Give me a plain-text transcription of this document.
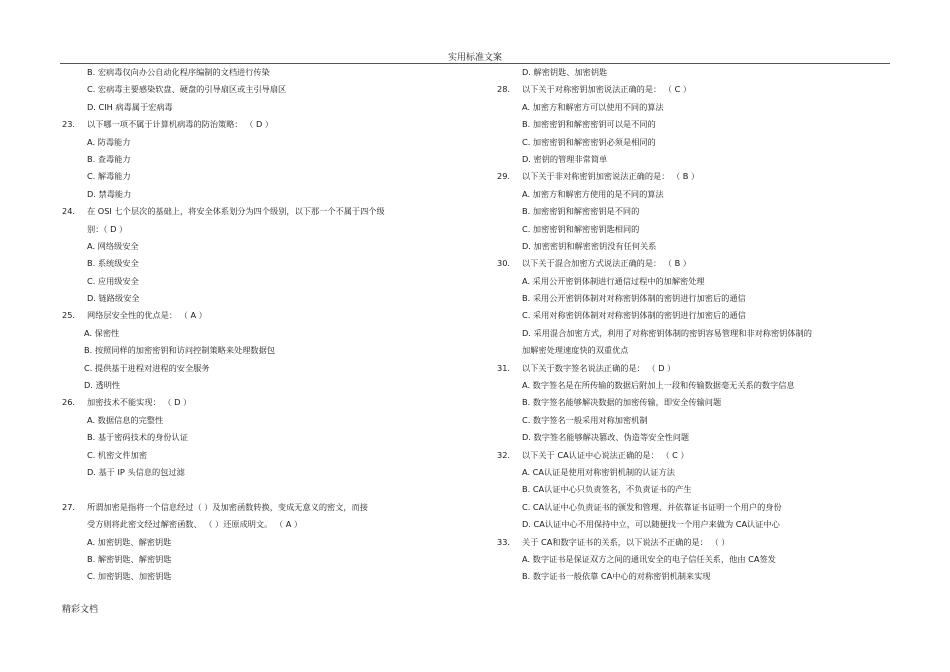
实用标准文案
B. 宏病毒仅向办公自动化程序编制的文档进行传染
C. 宏病毒主要感染软盘、硬盘的引导扇区或主引导扇区
D. CIH 病毒属于宏病毒
23.	以下哪一项不属于计算机病毒的防治策略： （ D ）
A. 防毒能力
B. 查毒能力
C. 解毒能力
D. 禁毒能力
24.	在 OSI 七个层次的基础上，将安全体系划分为四个级别，以下那一个不属于四个级
别：（ D ）
A. 网络级安全
B. 系统级安全
C. 应用级安全
D. 链路级安全
25.	网络层安全性的优点是： （ A ）
A. 保密性
B. 按照同样的加密密钥和访问控制策略来处理数据包
C. 提供基于进程对进程的安全服务
D. 透明性
26.	加密技术不能实现： （ D ）
A. 数据信息的完整性
B. 基于密码技术的身份认证
C. 机密文件加密
D. 基于 IP 头信息的包过滤
27.	所谓加密是指将一个信息经过（ ）及加密函数转换，变成无意义的密文，而接
受方则将此密文经过解密函数、 （ ）还原成明文。 （ A ）
A. 加密钥匙、解密钥匙
B. 解密钥匙、解密钥匙
C. 加密钥匙、加密钥匙
D. 解密钥匙、加密钥匙
28.	以下关于对称密钥加密说法正确的是： （ C ）
A. 加密方和解密方可以使用不同的算法
B. 加密密钥和解密密钥可以是不同的
C. 加密密钥和解密密钥必须是相同的
D. 密钥的管理非常简单
29.	以下关于非对称密钥加密说法正确的是： （ B ）
A. 加密方和解密方使用的是不同的算法
B. 加密密钥和解密密钥是不同的
C. 加密密钥和解密密钥匙相同的
D. 加密密钥和解密密钥没有任何关系
30.	以下关于混合加密方式说法正确的是： （ B ）
A. 采用公开密钥体制进行通信过程中的加解密处理
B. 采用公开密钥体制对对称密钥体制的密钥进行加密后的通信
C. 采用对称密钥体制对对称密钥体制的密钥进行加密后的通信
D. 采用混合加密方式，利用了对称密钥体制的密钥容易管理和非对称密钥体制的
加解密处理速度快的双重优点
31.	以下关于数字签名说法正确的是： （ D ）
A. 数字签名是在所传输的数据后附加上一段和传输数据毫无关系的数字信息
B. 数字签名能够解决数据的加密传输，即安全传输问题
C. 数字签名一般采用对称加密机制
D. 数字签名能够解决篡改、伪造等安全性问题
32.	以下关于 CA认证中心说法正确的是： （ C ）
A. CA认证是使用对称密钥机制的认证方法
B. CA认证中心只负责签名，不负责证书的产生
C. CA认证中心负责证书的颁发和管理、并依靠证书证明一个用户的身份
D. CA认证中心不用保持中立，可以随便找一个用户来做为 CA认证中心
33.	关于 CA和数字证书的关系，以下说法不正确的是： （ ）
A. 数字证书是保证双方之间的通讯安全的电子信任关系，他由 CA签发
B. 数字证书一般依靠 CA中心的对称密钥机制来实现
精彩文档
